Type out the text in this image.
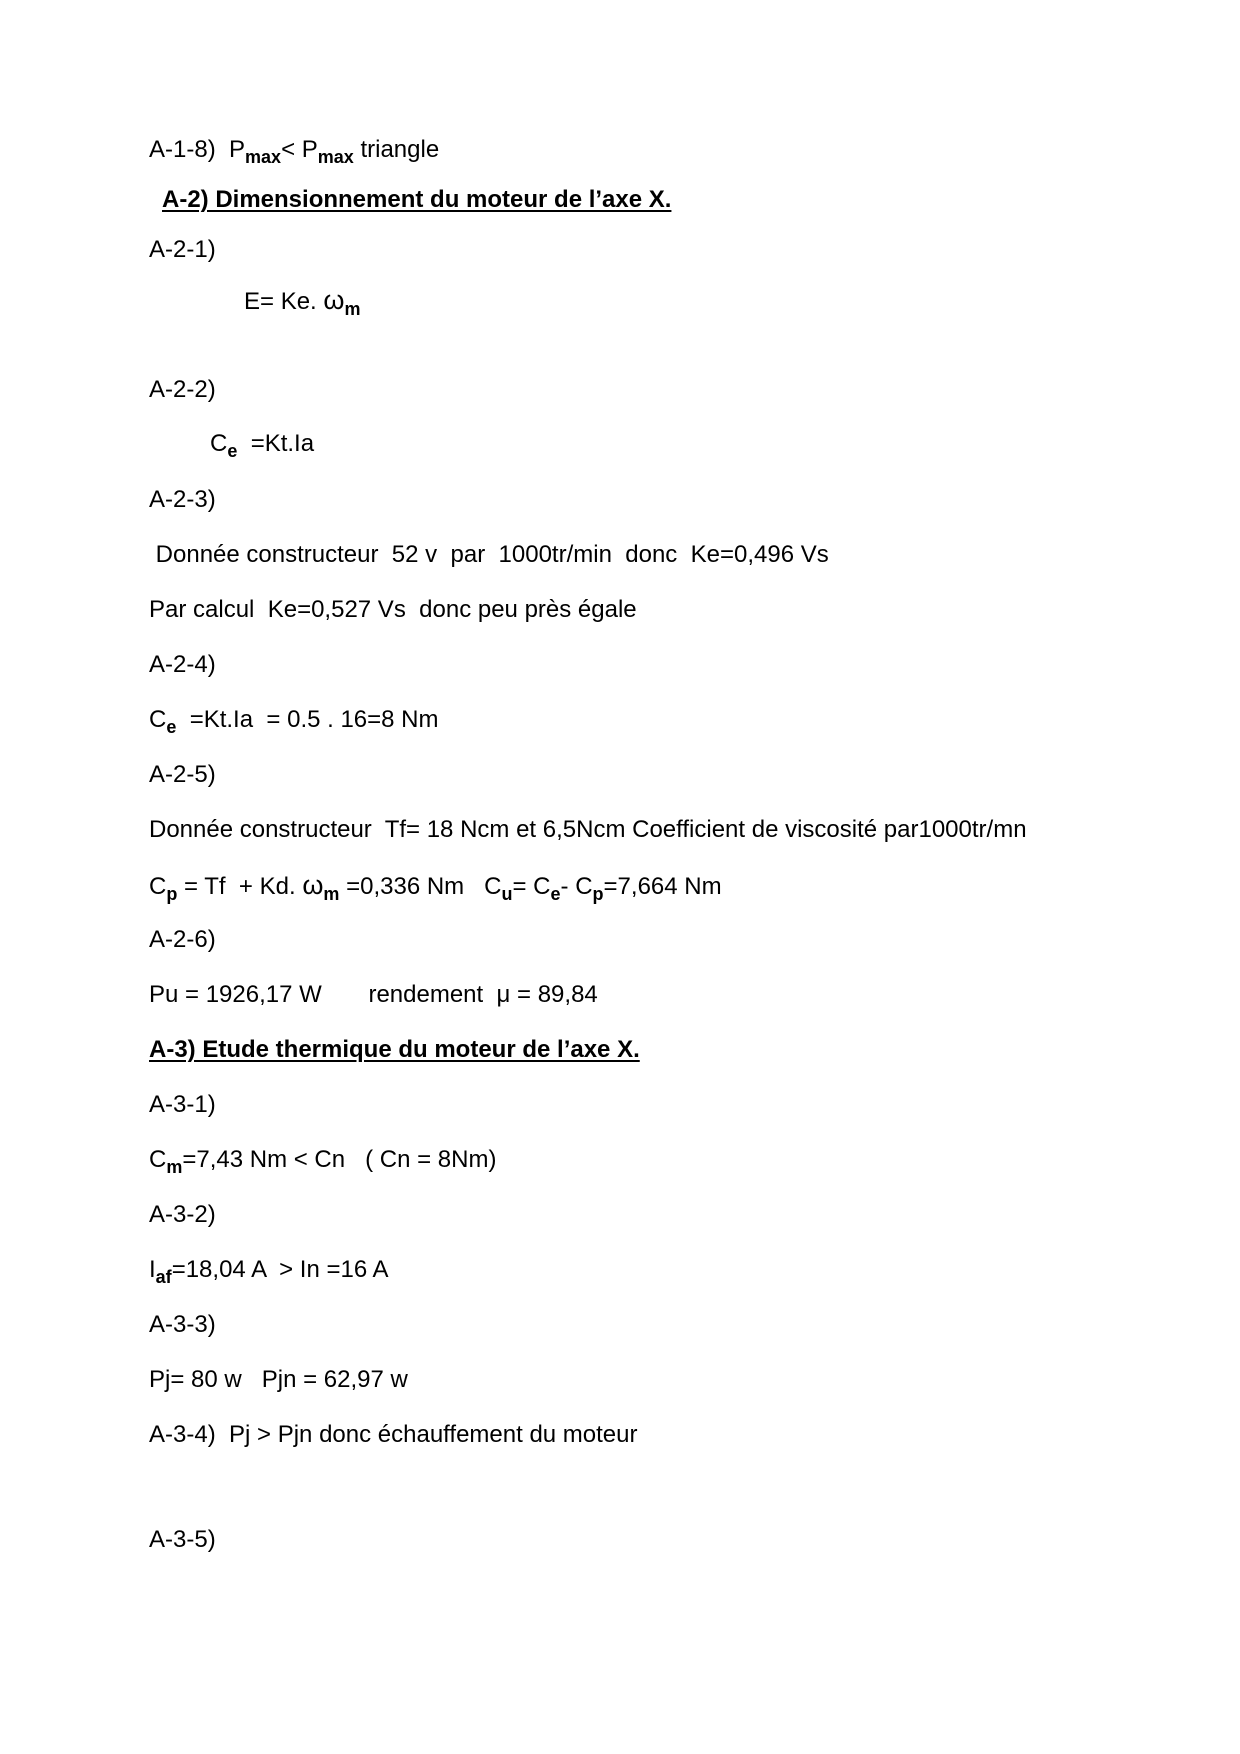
A-1-8)  $P_{max}< P_{max}$ triangle
A-2) Dimensionnement du moteur de l’axe X.
A-2-1)
E= Ke. $\omega_m$
A-2-2)
$C_e =Kt.Ia$
A-2-3)
Donnée constructeur  52 v  par  1000tr/min  donc  Ke=0,496 Vs
Par calcul  Ke=0,527 Vs  donc peu près égale
A-2-4)
$C_e =Kt.Ia = 0.5$ . 16=8 Nm
A-2-5)
Donnée constructeur  Tf= 18 Ncm et 6,5Ncm Coefficient de viscosité par1000tr/mn
$C_p = Tf + Kd$. $\omega_m =0,336$ Nm   $C_u= C_e-$ $C_p=7,664$ Nm
A-2-6)
Pu = 1926,17 W       rendement  μ = 89,84
A-3) Etude thermique du moteur de l’axe X.
A-3-1)
$C_m=7,43$ Nm < Cn   ( Cn = 8Nm)
A-3-2)
$I_{af}=18,04$ A  > In =16 A
A-3-3)
Pj= 80 w   Pjn = 62,97 w
A-3-4)  Pj > Pjn donc échauffement du moteur
A-3-5)
